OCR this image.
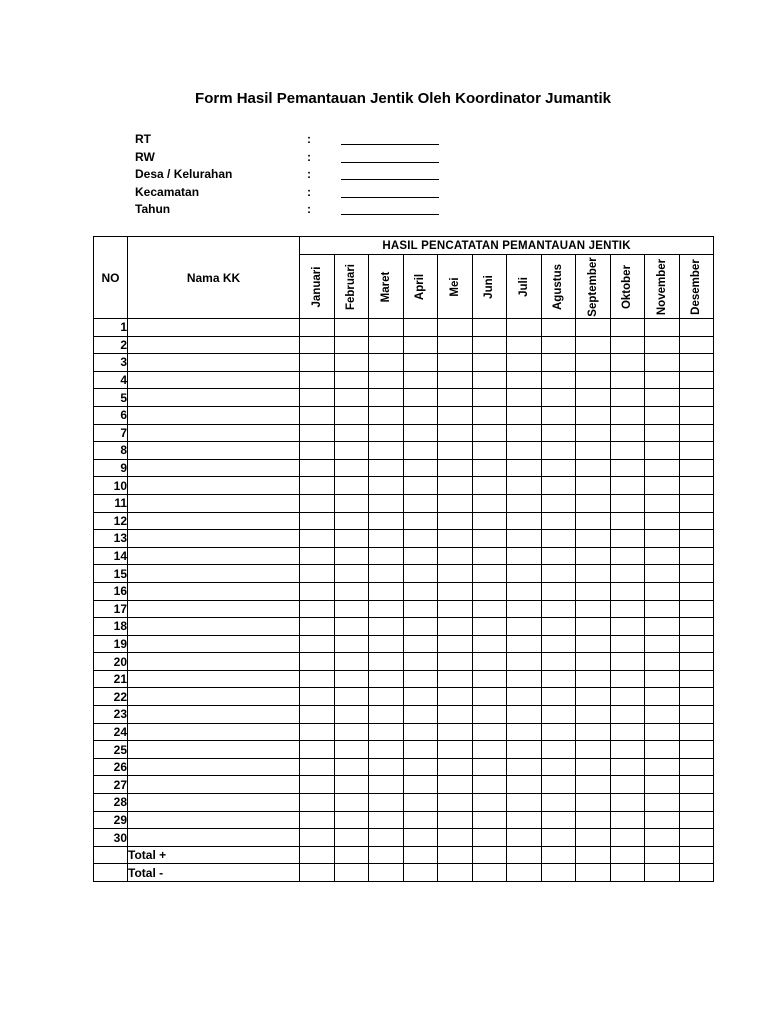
Form Hasil Pemantauan Jentik Oleh Koordinator Jumantik
RT	:
RW	:
Desa / Kelurahan	:
Kecamatan	:
Tahun	:
NO	Nama KK	HASIL PENCATATAN PEMANTAUAN JENTIK											

		Januari	Februari	Maret	April	Mei	Juni	Juli	Agustus	September	Oktober	November	Desember

1													
2													
3													
4													
5													
6													
7													
8													
9													
10													
11													
12													
13													
14													
15													
16													
17													
18													
19													
20													
21													
22													
23													
24													
25													
26													
27													
28													
29													
30													
	Total +												
	Total -												
